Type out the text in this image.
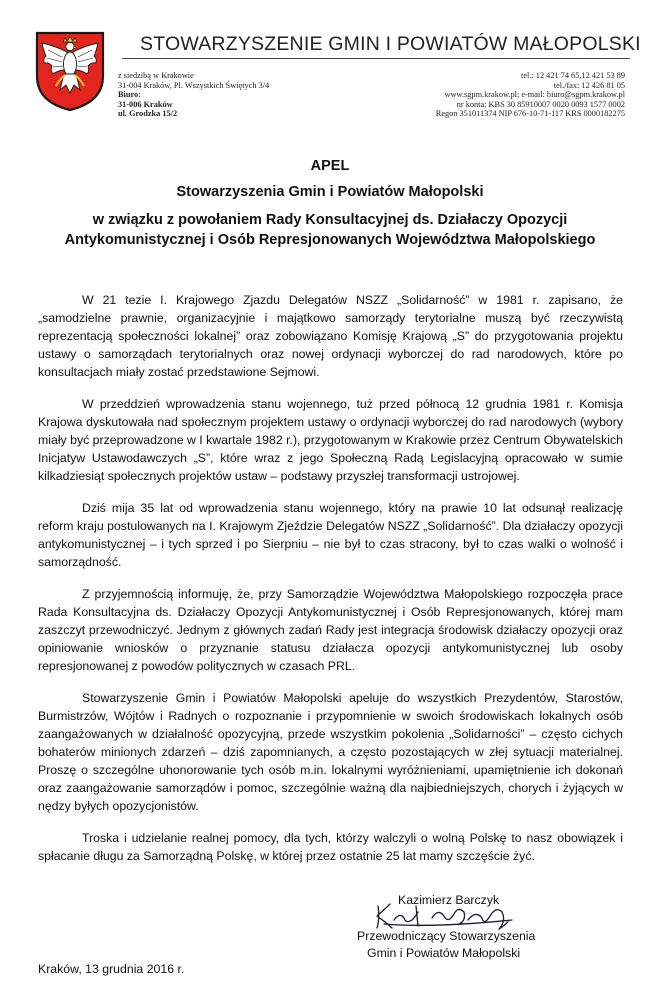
STOWARZYSZENIE GMIN I POWIATÓW MAŁOPOLSKI
z siedzibą w Krakowie
31-004 Kraków, Pl. Wszystkich Świętych 3/4
Biuro:
31-006 Kraków
ul. Grodzka 15/2
tel.: 12 421 74 65,12 421 53 89
tel./fax: 12 426 81 05
www.sgpm.krakow.pl; e-mail: biuro@sgpm.krakow.pl
nr konta: KBS 30 85910007 0020 0093 1577 0002
Regon 351011374 NIP 676-10-71-117 KRS 0000182275
APEL
Stowarzyszenia Gmin i Powiatów Małopolski
w związku z powołaniem Rady Konsultacyjnej ds. Działaczy Opozycji
Antykomunistycznej i Osób Represjonowanych Województwa Małopolskiego

W 21 tezie I. Krajowego Zjazdu Delegatów NSZZ „Solidarność” w 1981 r. zapisano, że „samodzielne prawnie, organizacyjnie i majątkowo samorządy terytorialne muszą być rzeczywistą reprezentacją społeczności lokalnej” oraz zobowiązano Komisję Krajową „S” do przygotowania projektu ustawy o samorządach terytorialnych oraz nowej ordynacji wyborczej do rad narodowych, które po konsultacjach miały zostać przedstawione Sejmowi.

W przeddzień wprowadzenia stanu wojennego, tuż przed północą 12 grudnia 1981 r. Komisja Krajowa dyskutowała nad społecznym projektem ustawy o ordynacji wyborczej do rad narodowych (wybory miały być przeprowadzone w I kwartale 1982 r.), przygotowanym w Krakowie przez Centrum Obywatelskich Inicjatyw Ustawodawczych „S”, które wraz z jego Społeczną Radą Legislacyjną opracowało w sumie kilkadziesiąt społecznych projektów ustaw – podstawy przyszłej transformacji ustrojowej.

Dziś mija 35 lat od wprowadzenia stanu wojennego, który na prawie 10 lat odsunął realizację reform kraju postulowanych na I. Krajowym Zjeździe Delegatów NSZZ „Solidarność”. Dla działaczy opozycji antykomunistycznej – i tych sprzed i po Sierpniu – nie był to czas stracony, był to czas walki o wolność i samorządność.

Z przyjemnością informuję, że, przy Samorządzie Województwa Małopolskiego rozpoczęła prace Rada Konsultacyjna ds. Działaczy Opozycji Antykomunistycznej i Osób Represjonowanych, której mam zaszczyt przewodniczyć. Jednym z głównych zadań Rady jest integracja środowisk działaczy opozycji oraz opiniowanie wniosków o przyznanie statusu działacza opozycji antykomunistycznej lub osoby represjonowanej z powodów politycznych w czasach PRL.

Stowarzyszenie Gmin i Powiatów Małopolski apeluje do wszystkich Prezydentów, Starostów, Burmistrzów, Wójtów i Radnych o rozpoznanie i przypomnienie w swoich środowiskach lokalnych osób zaangażowanych w działalność opozycyjną, przede wszystkim pokolenia „Solidarności” – często cichych bohaterów minionych zdarzeń – dziś zapomnianych, a często pozostających w złej sytuacji materialnej. Proszę o szczególne uhonorowanie tych osób m.in. lokalnymi wyróżnieniami, upamiętnienie ich dokonań oraz zaangażowanie samorządów i pomoc, szczególnie ważną dla najbiedniejszych, chorych i żyjących w nędzy byłych opozycjonistów.

Troska i udzielanie realnej pomocy, dla tych, którzy walczyli o wolną Polskę to nasz obowiązek i spłacanie długu za Samorządną Polskę, w której przez ostatnie 25 lat mamy szczęście żyć.

Kazimierz Barczyk
Przewodniczący Stowarzyszenia
Gmin i Powiatów Małopolski
Kraków, 13 grudnia 2016 r.
